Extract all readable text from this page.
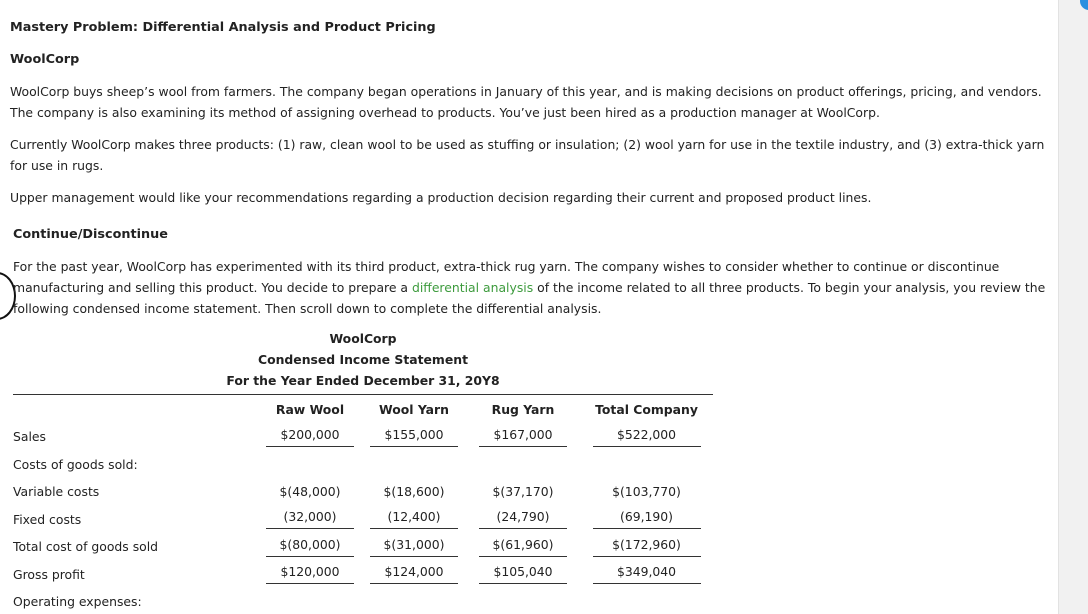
Mastery Problem: Differential Analysis and Product Pricing
WoolCorp
WoolCorp buys sheep’s wool from farmers. The company began operations in January of this year, and is making decisions on product offerings, pricing, and vendors. The company is also examining its method of assigning overhead to products. You’ve just been hired as a production manager at WoolCorp.
Currently WoolCorp makes three products: (1) raw, clean wool to be used as stuffing or insulation; (2) wool yarn for use in the textile industry, and (3) extra-thick yarn for use in rugs.
Upper management would like your recommendations regarding a production decision regarding their current and proposed product lines.
Continue/Discontinue
For the past year, WoolCorp has experimented with its third product, extra-thick rug yarn. The company wishes to consider whether to continue or discontinue manufacturing and selling this product. You decide to prepare a differential analysis of the income related to all three products. To begin your analysis, you review the following condensed income statement. Then scroll down to complete the differential analysis.
WoolCorp
Condensed Income Statement
For the Year Ended December 31, 20Y8
	Raw Wool	Wool Yarn	Rug Yarn	Total Company
Sales	$200,000	$155,000	$167,000	$522,000
Costs of goods sold:				
Variable costs	$(48,000)	$(18,600)	$(37,170)	$(103,770)
Fixed costs	(32,000)	(12,400)	(24,790)	(69,190)
Total cost of goods sold	$(80,000)	$(31,000)	$(61,960)	$(172,960)
Gross profit	$120,000	$124,000	$105,040	$349,040
Operating expenses:				
